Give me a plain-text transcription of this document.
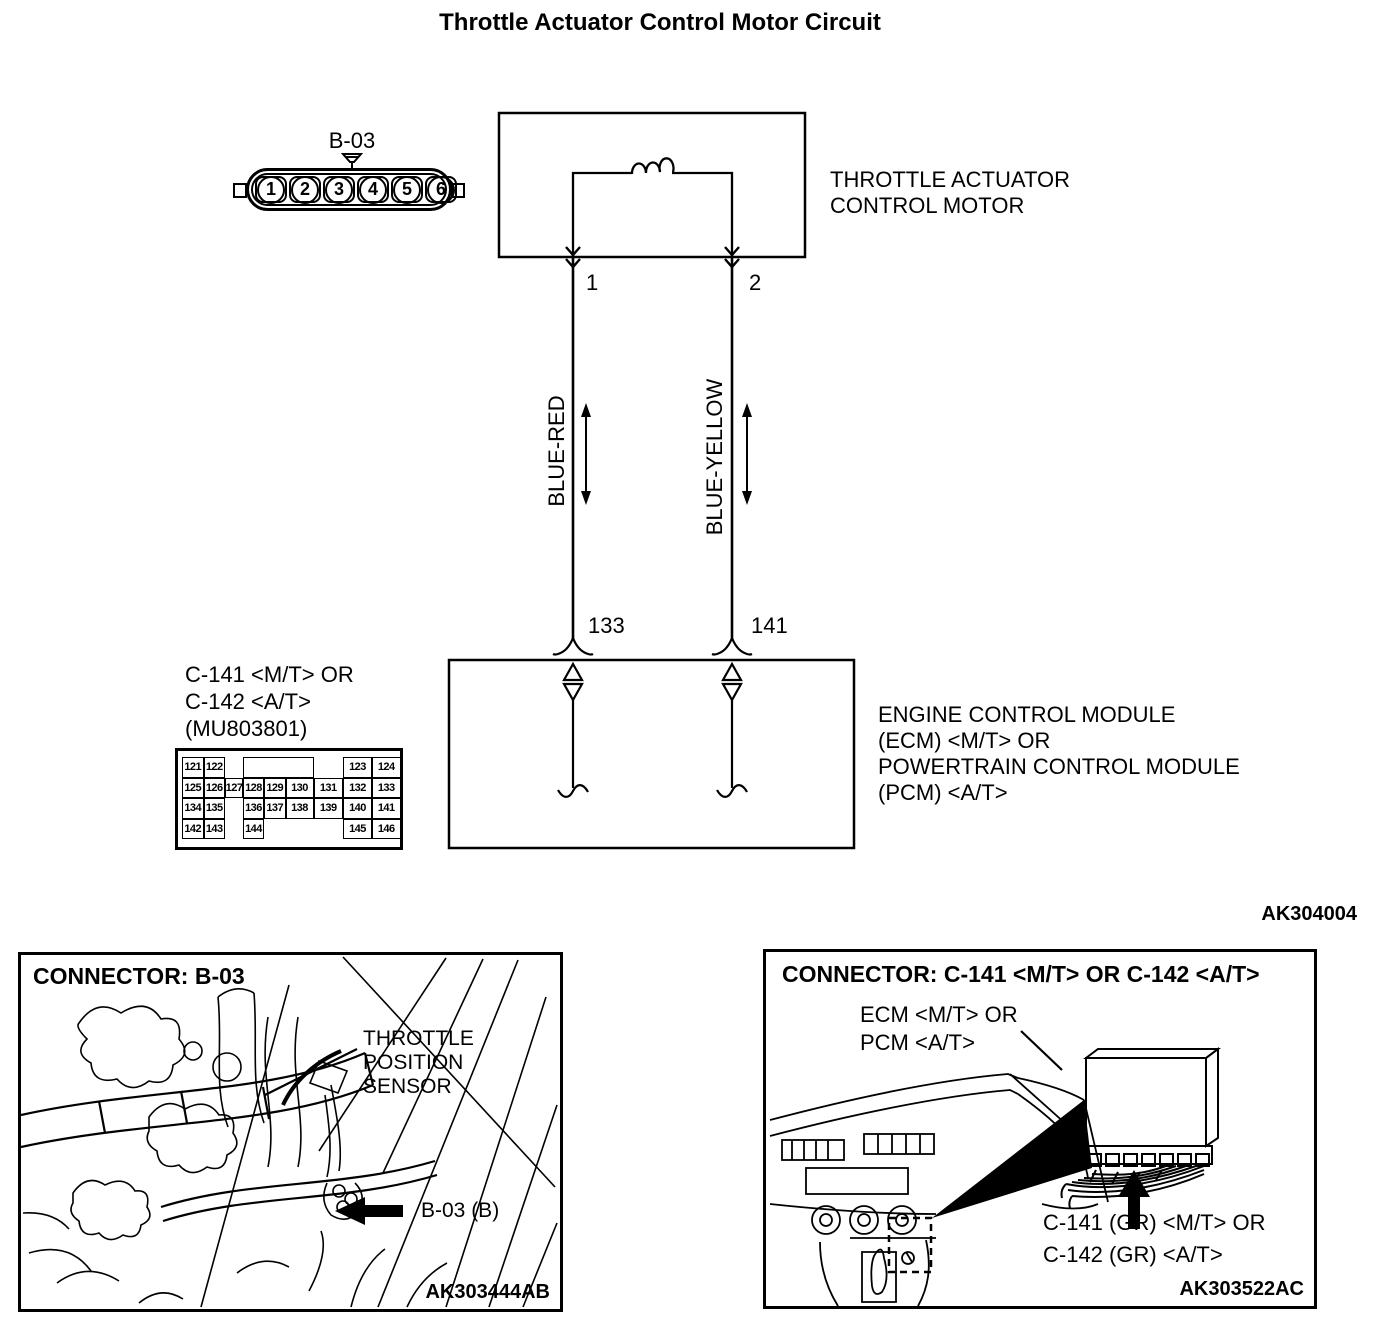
Throttle Actuator Control Motor Circuit
B-03
1	2	3	4	5	6	THROTTLE ACTUATOR
CONTROL MOTOR
1	2
BLUE-RED	BLUE-YELLOW
133	141
ENGINE CONTROL MODULE
(ECM) <M/T> OR
POWERTRAIN CONTROL MODULE
(PCM) <A/T>
C-141 <M/T> OR
C-142 <A/T>
(MU803801)
121 122	123	124
125 126 127 128 129 130	131	132	133
134 135 136 137 138	139	140	141
142 143 144	145	146
AK304004
CONNECTOR: B-03
THROTTLE
POSITION
SENSOR
B-03 (B)
AK303444AB
CONNECTOR: C-141 <M/T> OR C-142 <A/T>
ECM <M/T> OR
PCM <A/T>
C-141 (GR) <M/T> OR
C-142 (GR) <A/T>
AK303522AC
